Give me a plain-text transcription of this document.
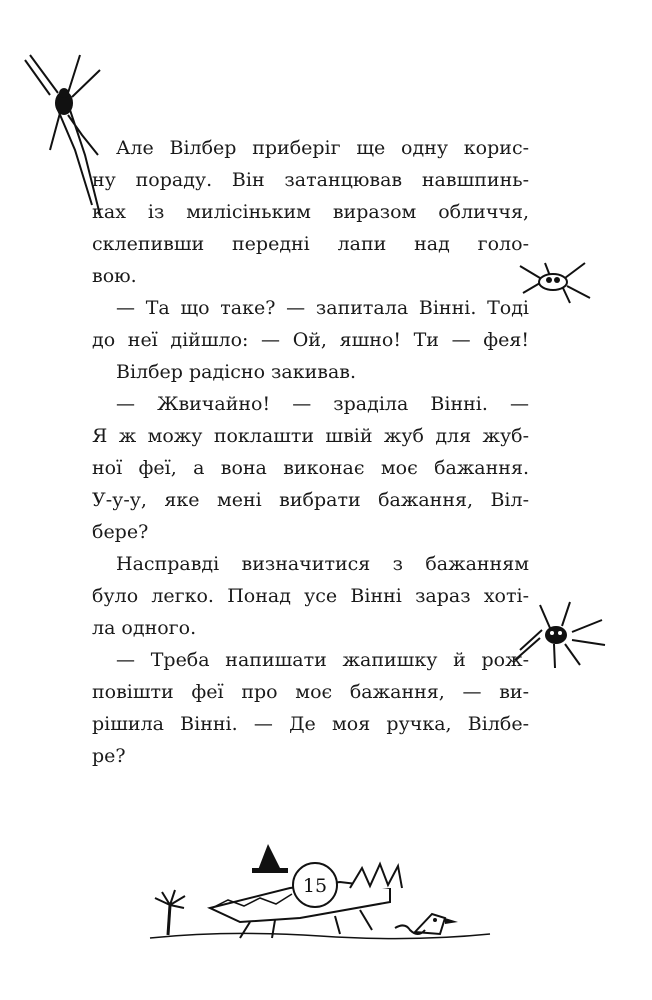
Але Вілбер приберіг ще одну корис-
ну пораду. Він затанцював навшпинь-
ках із милісіньким виразом обличчя,
склепивши передні лапи над голо-
вою.
— Та що таке? — запитала Вінні. Тоді
до неї дійшло: — Ой, яшно! Ти — фея!
Вілбер радісно закивав.
— Жвичайно! — зраділа Вінні. —
Я ж можу поклашти швій жуб для жуб-
ної феї, а вона виконає моє бажання.
У-у-у, яке мені вибрати бажання, Віл-
бере?
Насправді визначитися з бажанням
було легко. Понад усе Вінні зараз хоті-
ла одного.
— Треба напишати жапишку й рож-
повішти феї про моє бажання, — ви-
рішила Вінні. — Де моя ручка, Вілбе-
ре?
15
